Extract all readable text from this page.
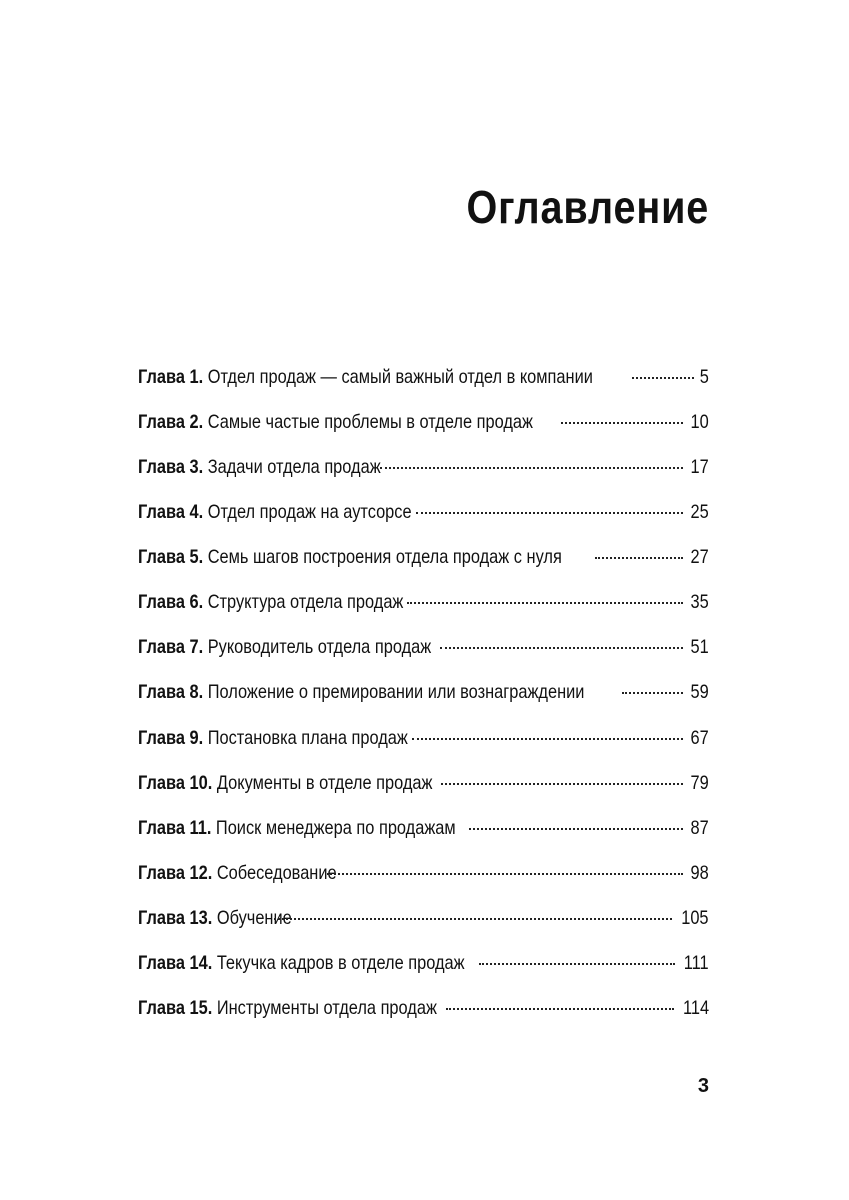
Оглавление
Глава 1. Отдел продаж — самый важный отдел в компании	5
Глава 2. Самые частые проблемы в отделе продаж	10
Глава 3. Задачи отдела продаж	17
Глава 4. Отдел продаж на аутсорсе	25
Глава 5. Семь шагов построения отдела продаж с нуля	27
Глава 6. Структура отдела продаж	35
Глава 7. Руководитель отдела продаж	51
Глава 8. Положение о премировании или вознаграждении	59
Глава 9. Постановка плана продаж	67
Глава 10. Документы в отделе продаж	79
Глава 11. Поиск менеджера по продажам	87
Глава 12. Собеседование	98
Глава 13. Обучение	105
Глава 14. Текучка кадров в отделе продаж	111
Глава 15. Инструменты отдела продаж	114
3
